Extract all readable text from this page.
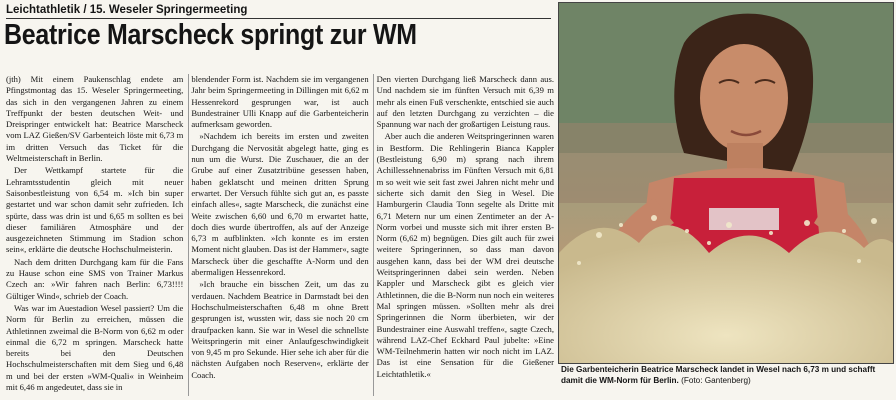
Leichtathletik / 15. Weseler Springermeeting
Beatrice Marscheck springt zur WM

(jth) Mit einem Paukenschlag endete am Pfingstmontag das 15. Weseler Springermeeting, das sich in den vergangenen Jahren zu einem Treffpunkt der besten deutschen Weit- und Dreispringer entwickelt hat: Beatrice Marscheck vom LAZ Gießen/SV Garbenteich löste mit 6,73 m im dritten Versuch das Ticket für die Weltmeisterschaft in Berlin.

Der Wettkampf startete für die Lehramtsstudentin gleich mit neuer Saisonbestleistung von 6,54 m. »Ich bin super gestartet und war schon damit sehr zufrieden. Ich spürte, dass was drin ist und 6,65 m sollten es bei dieser familiären Atmosphäre und der ausgezeichneten Stimmung im Stadion schon sein«, erklärte die deutsche Hochschulmeisterin.

Nach dem dritten Durchgang kam für die Fans zu Hause schon eine SMS von Trainer Markus Czech an: »Wir fahren nach Berlin: 6,73!!!! Gültiger Wind«, schrieb der Coach.

Was war im Auestadion Wesel passiert? Um die Norm für Berlin zu erreichen, müssen die Athletinnen zweimal die B-Norm von 6,62 m oder einmal die 6,72 m springen. Marscheck hatte bereits bei den Deutschen Hochschulmeisterschaften mit dem Sieg und 6,48 m und bei der ersten »WM-Quali« in Weinheim mit 6,46 m angedeutet, dass sie in

blendender Form ist. Nachdem sie im vergangenen Jahr beim Springermeeting in Dillingen mit 6,62 m Hessenrekord gesprungen war, ist auch Bundestrainer Ulli Knapp auf die Garbenteicherin aufmerksam geworden.

»Nachdem ich bereits im ersten und zweiten Durchgang die Nervosität abgelegt hatte, ging es nun um die Wurst. Die Zuschauer, die an der Grube auf einer Zusatztribüne gesessen haben, haben geklatscht und meinen dritten Sprung erwartet. Der Versuch fühlte sich gut an, es passte einfach alles«, sagte Marscheck, die zunächst eine Weite zwischen 6,60 und 6,70 m erwartet hatte, doch dies wurde übertroffen, als auf der Anzeige 6,73 m aufblinkten. »Ich konnte es im ersten Moment nicht glauben. Das ist der Hammer«, sagte Marscheck über die geschaffte A-Norm und den abermaligen Hessenrekord.

»Ich brauche ein bisschen Zeit, um das zu verdauen. Nachdem Beatrice in Darmstadt bei den Hochschulmeisterschaften 6,48 m ohne Brett gesprungen ist, wussten wir, dass sie noch 20 cm draufpacken kann. Sie war in Wesel die schnellste Weitspringerin mit einer Anlaufgeschwindigkeit von 9,45 m pro Sekunde. Hier sehe ich aber für die nächsten Aufgaben noch Reserven«, erklärte der Coach.

Den vierten Durchgang ließ Marscheck dann aus. Und nachdem sie im fünften Versuch mit 6,39 m mehr als einen Fuß verschenkte, entschied sie auch auf den letzten Durchgang zu verzichten – die Spannung war nach der großartigen Leistung raus.

Aber auch die anderen Weitspringerinnen waren in Bestform. Die Rehlingerin Bianca Kappler (Bestleistung 6,90 m) sprang nach ihrem Achillessehnenabriss im Fünften Versuch mit 6,81 m so weit wie seit fast zwei Jahren nicht mehr und sicherte sich damit den Sieg in Wesel. Die Hamburgerin Claudia Tonn segelte als Dritte mit 6,71 Metern nur um einen Zentimeter an der A-Norm vorbei und musste sich mit ihrer ersten B-Norm (6,62 m) begnügen. Dies gilt auch für zwei weitere Springerinnen, so dass man davon ausgehen kann, dass bei der WM drei deutsche Weitspringerinnen dabei sein werden. Neben Kappler und Marscheck gibt es gleich vier Athletinnen, die die B-Norm nun noch ein weiteres Mal springen müssen. »Sollten mehr als drei Springerinnen die Norm überbieten, wir der Bundestrainer eine Auswahl treffen«, sagte Czech, während LAZ-Chef Eckhard Paul jubelte: »Eine WM-Teilnehmerin hatten wir noch nicht im LAZ. Das ist eine Sensation für die Gießener Leichtathletik.«	Die Garbenteicherin Beatrice Marscheck landet in Wesel nach 6,73 m und schafft damit die WM-Norm für Berlin. (Foto: Gantenberg)
